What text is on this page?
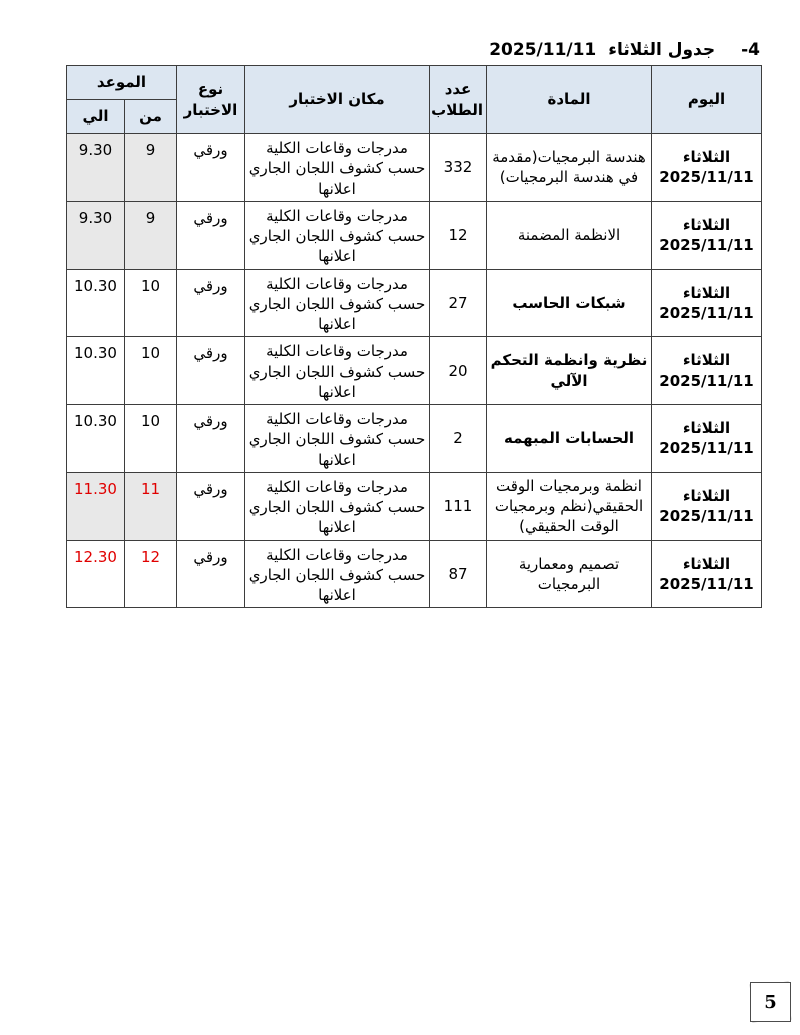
4-جدول الثلاثاء2025/11/11
اليوم	المادة	عدد الطلاب	مكان الاختبار	نوع الاختبار	الموعد	
					من	الي

الثلاثاء
2025/11/11	هندسة البرمجيات(مقدمة في هندسة البرمجيات)	332	مدرجات وقاعات الكلية حسب كشوف اللجان الجاري اعلانها	ورقي	9	9.30

الثلاثاء
2025/11/11	الانظمة المضمنة	12	مدرجات وقاعات الكلية حسب كشوف اللجان الجاري اعلانها	ورقي	9	9.30

الثلاثاء
2025/11/11	شبكات الحاسب	27	مدرجات وقاعات الكلية حسب كشوف اللجان الجاري اعلانها	ورقي	10	10.30

الثلاثاء
2025/11/11	نظرية وانظمة التحكم الآلي	20	مدرجات وقاعات الكلية حسب كشوف اللجان الجاري اعلانها	ورقي	10	10.30

الثلاثاء
2025/11/11	الحسابات المبهمه	2	مدرجات وقاعات الكلية حسب كشوف اللجان الجاري اعلانها	ورقي	10	10.30

الثلاثاء
2025/11/11	انظمة وبرمجيات الوقت الحقيقي(نظم وبرمجيات الوقت الحقيقي)	111	مدرجات وقاعات الكلية حسب كشوف اللجان الجاري اعلانها	ورقي	11	11.30

الثلاثاء
2025/11/11	تصميم ومعمارية البرمجيات	87	مدرجات وقاعات الكلية حسب كشوف اللجان الجاري اعلانها	ورقي	12	12.30
5
